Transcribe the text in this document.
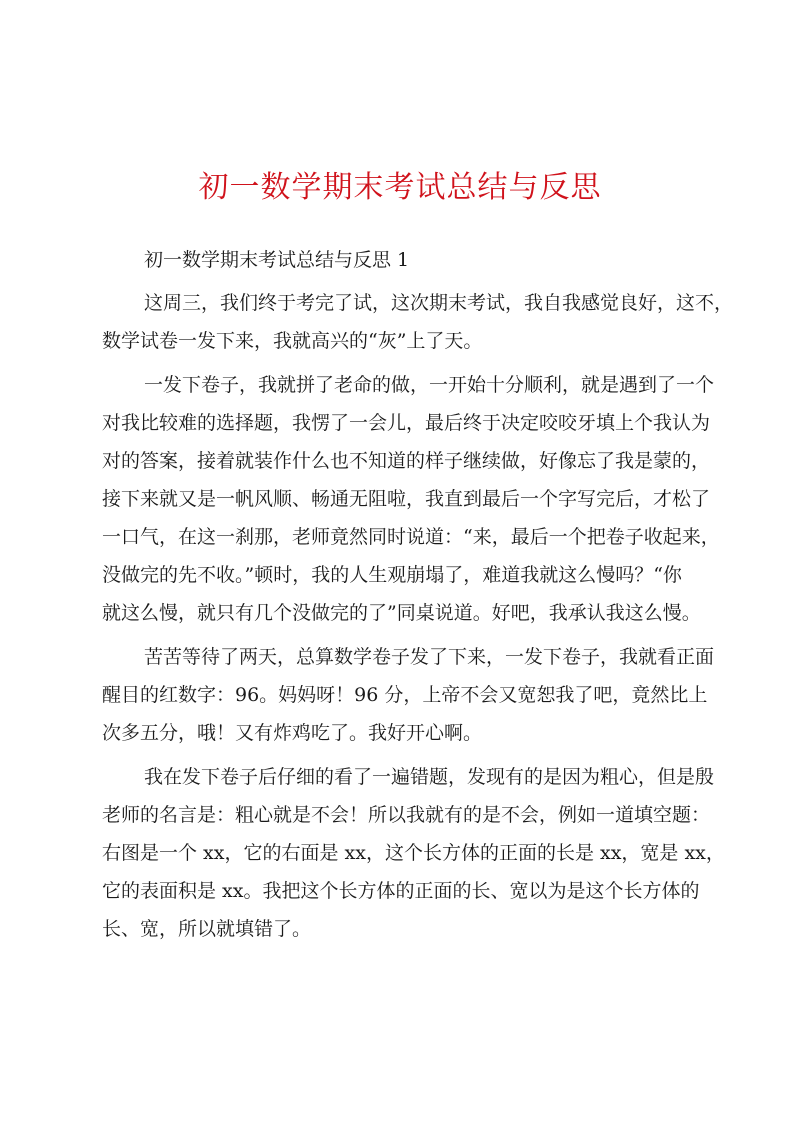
初一数学期末考试总结与反思

初一数学期末考试总结与反思 1

这周三，我们终于考完了试，这次期末考试，我自我感觉良好，这不，
数学试卷一发下来，我就高兴的“灰”上了天。

一发下卷子，我就拼了老命的做，一开始十分顺利，就是遇到了一个
对我比较难的选择题，我愣了一会儿，最后终于决定咬咬牙填上个我认为
对的答案，接着就装作什么也不知道的样子继续做，好像忘了我是蒙的，
接下来就又是一帆风顺、畅通无阻啦，我直到最后一个字写完后，才松了
一口气，在这一刹那，老师竟然同时说道：“来，最后一个把卷子收起来，
没做完的先不收。”顿时，我的人生观崩塌了，难道我就这么慢吗？“你
就这么慢，就只有几个没做完的了”同桌说道。好吧，我承认我这么慢。

苦苦等待了两天，总算数学卷子发了下来，一发下卷子，我就看正面
醒目的红数字：96。妈妈呀！96 分，上帝不会又宽恕我了吧，竟然比上
次多五分，哦！又有炸鸡吃了。我好开心啊。

我在发下卷子后仔细的看了一遍错题，发现有的是因为粗心，但是殷
老师的名言是：粗心就是不会！所以我就有的是不会，例如一道填空题：
右图是一个 xx，它的右面是 xx，这个长方体的正面的长是 xx，宽是 xx，
它的表面积是 xx。我把这个长方体的正面的长、宽以为是这个长方体的
长、宽，所以就填错了。
